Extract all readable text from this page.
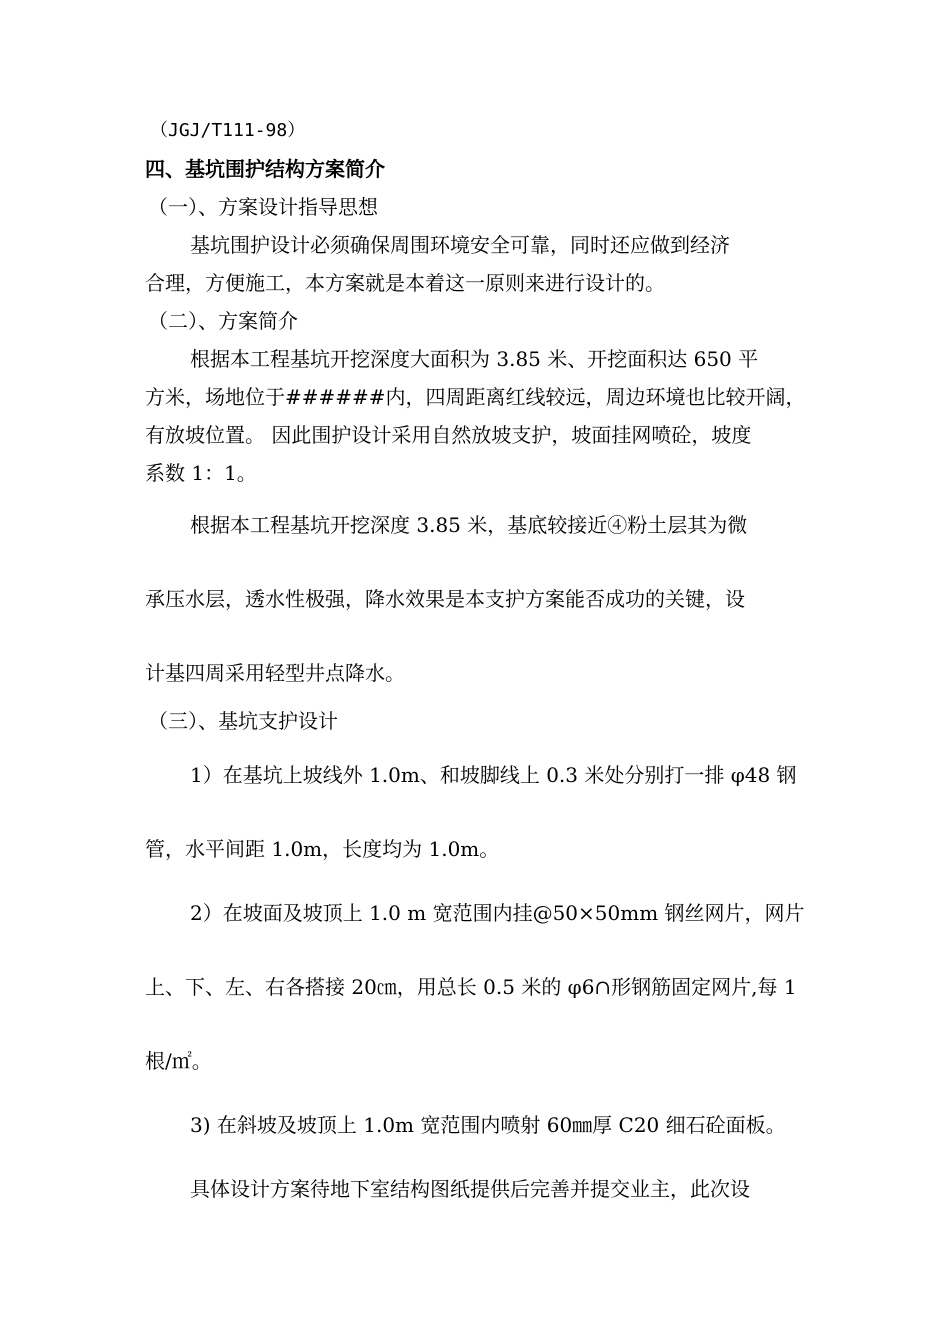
（JGJ/T111-98）
四、基坑围护结构方案简介
（一）、方案设计指导思想
基坑围护设计必须确保周围环境安全可靠，同时还应做到经济
合理，方便施工，本方案就是本着这一原则来进行设计的。
（二）、方案简介
根据本工程基坑开挖深度大面积为 3.85 米、开挖面积达 650 平
方米，场地位于######内，四周距离红线较远，周边环境也比较开阔，
有放坡位置。 因此围护设计采用自然放坡支护，坡面挂网喷砼，坡度
系数 1：1。
根据本工程基坑开挖深度 3.85 米，基底较接近④粉土层其为微
承压水层，透水性极强，降水效果是本支护方案能否成功的关键，设
计基四周采用轻型井点降水。
（三）、基坑支护设计
1）在基坑上坡线外 1.0m、和坡脚线上 0.3 米处分别打一排 φ48 钢
管，水平间距 1.0m，长度均为 1.0m。
2）在坡面及坡顶上 1.0 m 宽范围内挂@50×50mm 钢丝网片，网片
上、下、左、右各搭接 20㎝，用总长 0.5 米的 φ6∩形钢筋固定网片,每 1
根/㎡。
3) 在斜坡及坡顶上 1.0m 宽范围内喷射 60㎜厚 C20 细石砼面板。
具体设计方案待地下室结构图纸提供后完善并提交业主，此次设
